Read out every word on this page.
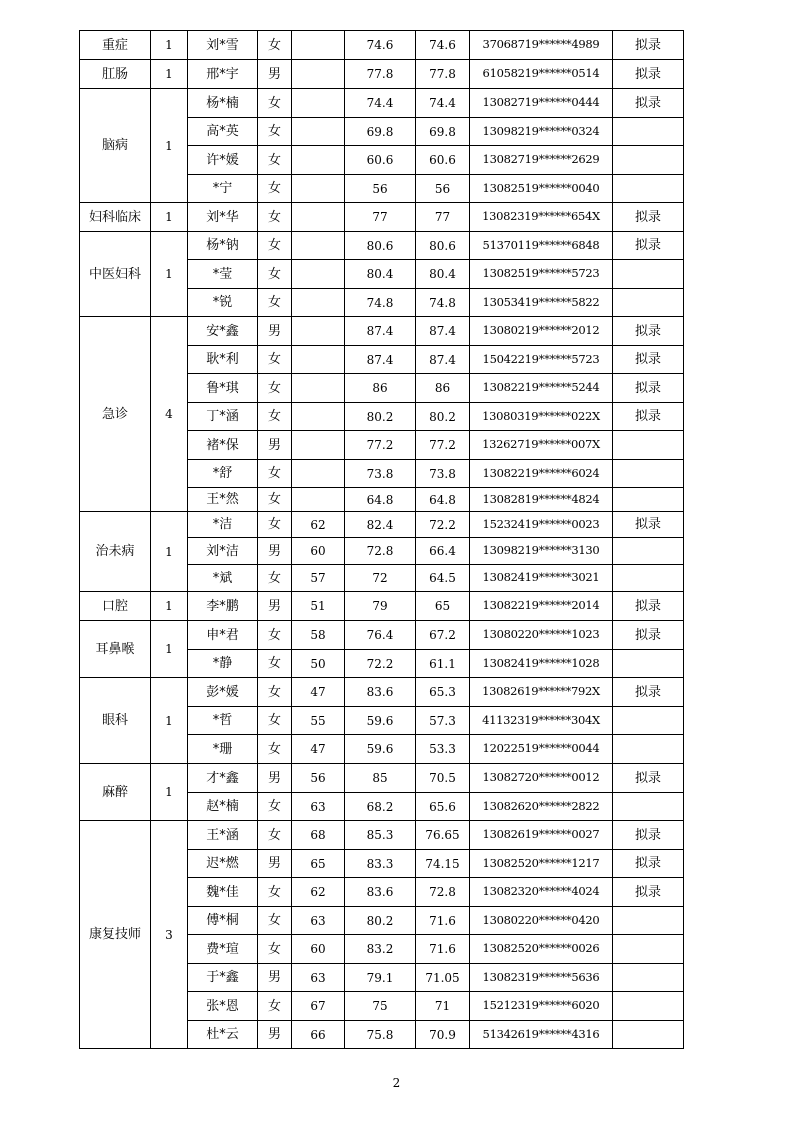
重症	1	刘*雪	女		74.6	74.6	37068719******4989	拟录
肛肠	1	邢*宇	男		77.8	77.8	61058219******0514	拟录
脑病	1	杨*楠	女		74.4	74.4	13082719******0444	拟录
		高*英	女		69.8	69.8	13098219******0324	
		许*媛	女		60.6	60.6	13082719******2629	
		*宁	女		56	56	13082519******0040	
妇科临床	1	刘*华	女		77	77	13082319******654X	拟录
中医妇科	1	杨*钠	女		80.6	80.6	51370119******6848	拟录
		*莹	女		80.4	80.4	13082519******5723	
		*锐	女		74.8	74.8	13053419******5822	
急诊	4	安*鑫	男		87.4	87.4	13080219******2012	拟录
		耿*利	女		87.4	87.4	15042219******5723	拟录
		鲁*琪	女		86	86	13082219******5244	拟录
		丁*涵	女		80.2	80.2	13080319******022X	拟录
		褚*保	男		77.2	77.2	13262719******007X	
		*舒	女		73.8	73.8	13082219******6024	
		王*然	女		64.8	64.8	13082819******4824	
治未病	1	*洁	女	62	82.4	72.2	15232419******0023	拟录
		刘*洁	男	60	72.8	66.4	13098219******3130	
		*斌	女	57	72	64.5	13082419******3021	
口腔	1	李*鹏	男	51	79	65	13082219******2014	拟录
耳鼻喉	1	申*君	女	58	76.4	67.2	13080220******1023	拟录
		*静	女	50	72.2	61.1	13082419******1028	
眼科	1	彭*媛	女	47	83.6	65.3	13082619******792X	拟录
		*哲	女	55	59.6	57.3	41132319******304X	
		*珊	女	47	59.6	53.3	12022519******0044	
麻醉	1	才*鑫	男	56	85	70.5	13082720******0012	拟录
		赵*楠	女	63	68.2	65.6	13082620******2822	
康复技师	3	王*涵	女	68	85.3	76.65	13082619******0027	拟录
		迟*燃	男	65	83.3	74.15	13082520******1217	拟录
		魏*佳	女	62	83.6	72.8	13082320******4024	拟录
		傅*桐	女	63	80.2	71.6	13080220******0420	
		费*瑄	女	60	83.2	71.6	13082520******0026	
		于*鑫	男	63	79.1	71.05	13082319******5636	
		张*恩	女	67	75	71	15212319******6020	
		杜*云	男	66	75.8	70.9	51342619******4316	
2
